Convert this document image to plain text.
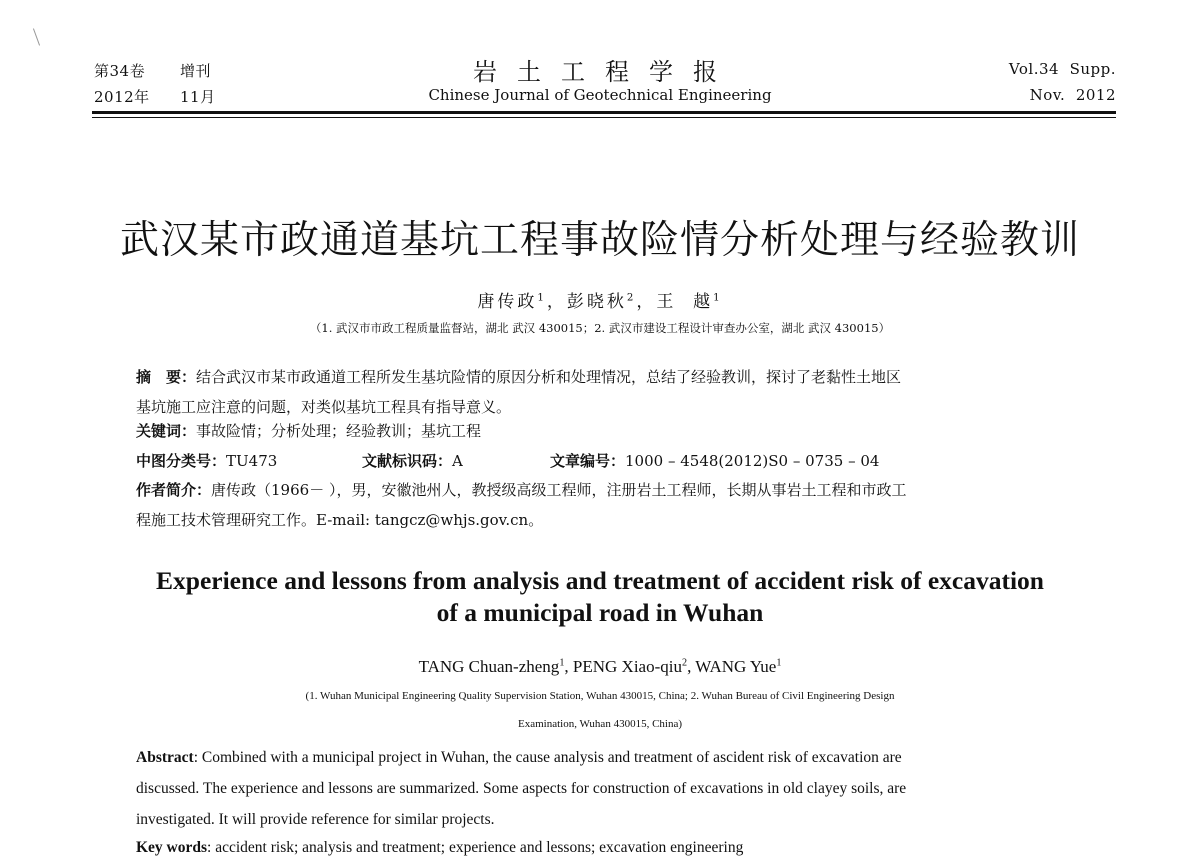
第34卷 增刊
2012年 11月
岩土工程学报
Chinese Journal of Geotechnical Engineering
Vol.34  Supp.
Nov.  2012
武汉某市政通道基坑工程事故险情分析处理与经验教训
唐传政$^1$，彭晓秋$^2$，王  越$^1$
（1. 武汉市市政工程质量监督站，湖北 武汉 430015；2. 武汉市建设工程设计审查办公室，湖北 武汉 430015）
摘　要：结合武汉市某市政通道工程所发生基坑险情的原因分析和处理情况，总结了经验教训，探讨了老黏性土地区
基坑施工应注意的问题，对类似基坑工程具有指导意义。
关键词：事故险情；分析处理；经验教训；基坑工程
中图分类号：TU473	文献标识码：A	文章编号：1000 – 4548(2012)S0 – 0735 – 04
作者简介：唐传政（1966－ ），男，安徽池州人，教授级高级工程师，注册岩土工程师，长期从事岩土工程和市政工
程施工技术管理研究工作。E-mail: tangcz@whjs.gov.cn。
Experience and lessons from analysis and treatment of accident risk of excavation
of a municipal road in Wuhan
TANG Chuan-zheng$^1$, PENG Xiao-qiu$^2$, WANG Yue$^1$
(1. Wuhan Municipal Engineering Quality Supervision Station, Wuhan 430015, China; 2. Wuhan Bureau of Civil Engineering Design
Examination, Wuhan 430015, China)
Abstract: Combined with a municipal project in Wuhan, the cause analysis and treatment of ascident risk of excavation are
discussed. The experience and lessons are summarized. Some aspects for construction of excavations in old clayey soils, are
investigated. It will provide reference for similar projects.
Key words: accident risk; analysis and treatment; experience and lessons; excavation engineering
